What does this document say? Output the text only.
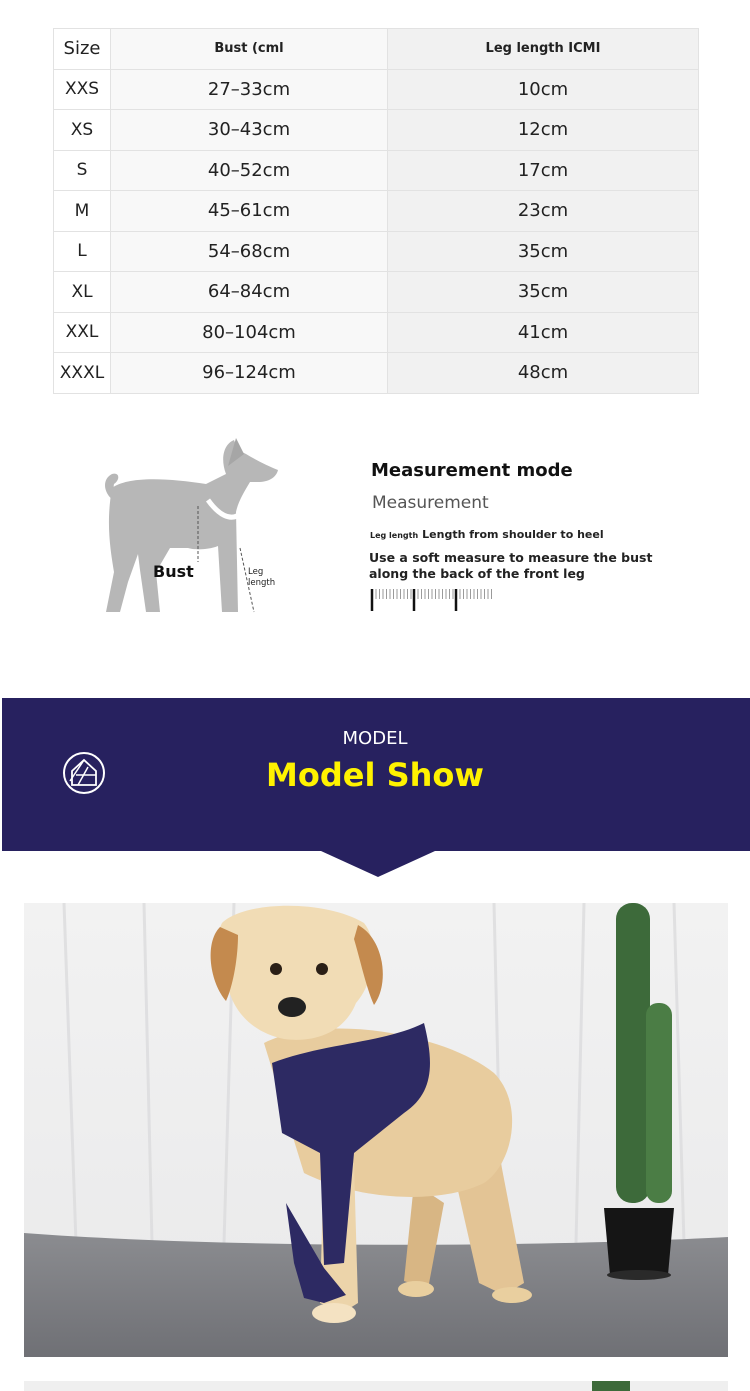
Size	Bust (cml	Leg length ICMI
XXS	27–33cm	10cm
XS	30–43cm	12cm
S	40–52cm	17cm
M	45–61cm	23cm
L	54–68cm	35cm
XL	64–84cm	35cm
XXL	80–104cm	41cm
XXXL	96–124cm	48cm
Bust	Leg
length
Measurement mode
Measurement
Leg length Length from shoulder to heel
Use a soft measure to measure the bust along the back of the front leg
MODEL
Model Show
